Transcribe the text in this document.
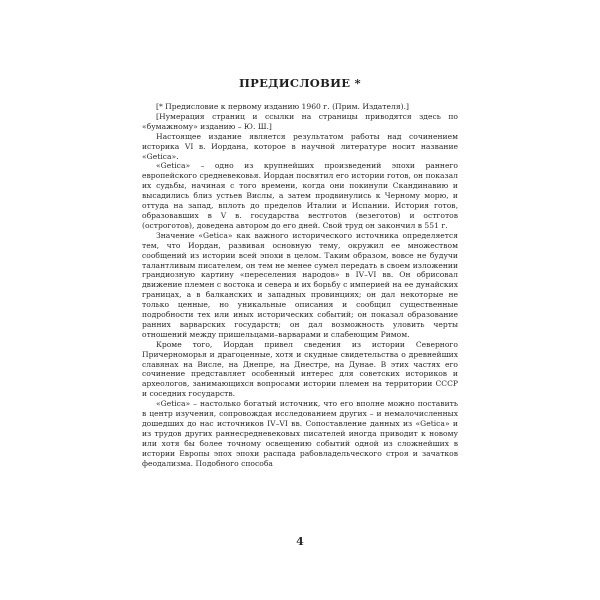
ПРЕДИСЛОВИЕ *

[* Предисловие к первому изданию 1960 г. (Прим. Издателя).]

[Нумерация страниц и ссылки на страницы приводятся здесь по «бумажному» изданию – Ю. Ш.]

Настоящее издание является результатом работы над сочинением историка VI в. Иордана, которое в научной литературе носит название «Getica».

«Getica» – одно из крупнейших произведений эпохи раннего европейского средневековья. Иордан посвятил его истории готов, он показал их судьбы, начиная с того времени, когда они покинули Скандинавию и высадились близ устьев Вислы, а затем продвинулись к Черному морю, и оттуда на запад, вплоть до пределов Италии и Испании. История готов, образовавших в V в. государства вестготов (везеготов) и остготов (остроготов), доведена автором до его дней. Свой труд он закончил в 551 г.

Значение «Getica» как важного исторического источника определяется тем, что Иордан, развивая основную тему, окружил ее множеством сообщений из истории всей эпохи в целом. Таким образом, вовсе не будучи талантливым писателем, он тем не менее сумел передать в своем изложении грандиозную картину «переселения народов» в IV–VI вв. Он обрисовал движение племен с востока и севера и их борьбу с империей на ее дунайских границах, а в балканских и западных провинциях; он дал некоторые не только ценные, но уникальные описания и сообщил существенные подробности тех или иных исторических событий; он показал образование ранних варварских государств; он дал возможность уловить черты отношений между пришельцами–варварами и слабеющим Римом.

Кроме того, Иордан привел сведения из истории Северного Причерноморья и драгоценные, хотя и скудные свидетельства о древнейших славянах на Висле, на Днепре, на Днестре, на Дунае. В этих частях его сочинение представляет особенный интерес для советских историков и археологов, занимающихся вопросами истории племен на территории СССР и соседних государств.

«Getica» – настолько богатый источник, что его вполне можно поставить в центр изучения, сопровождая исследованием других – и немалочисленных дошедших до нас источников IV–VI вв. Сопоставление данных из «Getica» и из трудов других раннесредневековых писателей иногда приводит к новому или хотя бы более точному освещению событий одной из сложнейших в истории Европы эпох эпохи распада рабовладельческого строя и зачатков феодализма. Подобного способа

4
